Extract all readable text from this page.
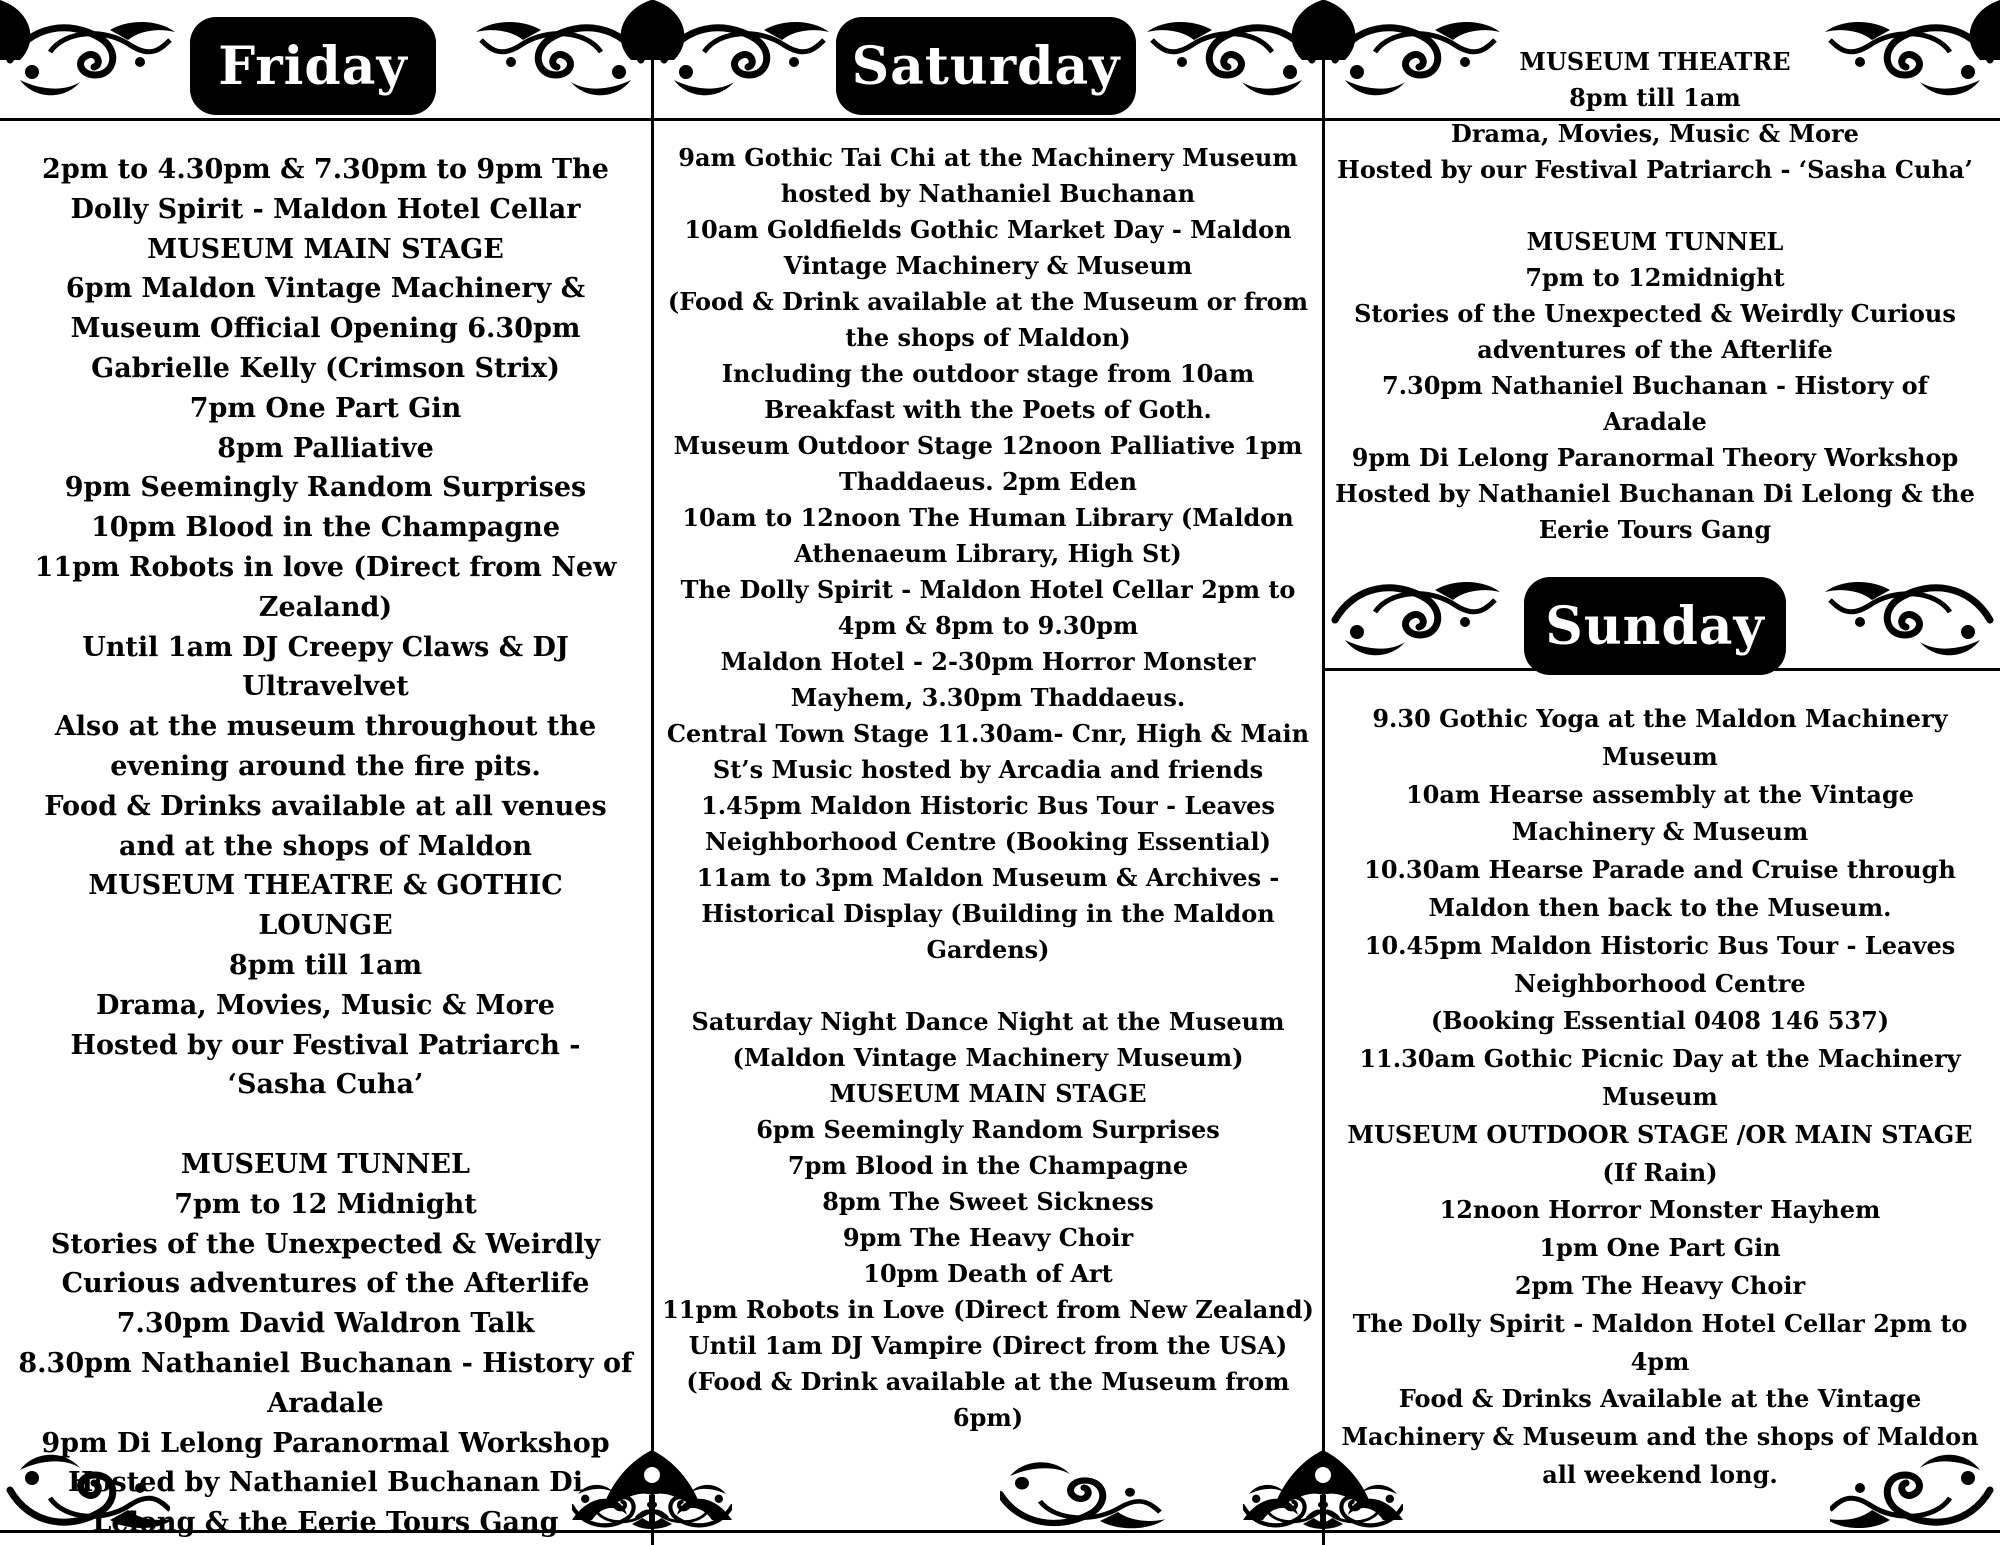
Friday	Saturday
Sunday
2pm to 4.30pm & 7.30pm to 9pm The Dolly Spirit - Maldon Hotel Cellar
MUSEUM MAIN STAGE
6pm Maldon Vintage Machinery & Museum Official Opening 6.30pm Gabrielle Kelly (Crimson Strix)
7pm One Part Gin
8pm Palliative
9pm Seemingly Random Surprises
10pm Blood in the Champagne
11pm Robots in love (Direct from New Zealand)
Until 1am DJ Creepy Claws & DJ Ultravelvet
Also at the museum throughout the evening around the fire pits.
Food & Drinks available at all venues and at the shops of Maldon
MUSEUM THEATRE & GOTHIC LOUNGE
8pm till 1am
Drama, Movies, Music & More
Hosted by our Festival Patriarch - ‘Sasha Cuha’
MUSEUM TUNNEL
7pm to 12 Midnight
Stories of the Unexpected & Weirdly Curious adventures of the Afterlife
7.30pm David Waldron Talk
8.30pm Nathaniel Buchanan - History of Aradale
9pm Di Lelong Paranormal Workshop
Hosted by Nathaniel Buchanan Di Lelong & the Eerie Tours Gang
9am Gothic Tai Chi at the Machinery Museum hosted by Nathaniel Buchanan
10am Goldfields Gothic Market Day - Maldon Vintage Machinery & Museum
(Food & Drink available at the Museum or from the shops of Maldon)
Including the outdoor stage from 10am Breakfast with the Poets of Goth.
Museum Outdoor Stage 12noon Palliative 1pm Thaddaeus. 2pm Eden
10am to 12noon The Human Library (Maldon Athenaeum Library, High St)
The Dolly Spirit - Maldon Hotel Cellar 2pm to 4pm & 8pm to 9.30pm
Maldon Hotel - 2-30pm Horror Monster Mayhem, 3.30pm Thaddaeus.
Central Town Stage 11.30am- Cnr, High & Main St’s Music hosted by Arcadia and friends
1.45pm Maldon Historic Bus Tour - Leaves Neighborhood Centre (Booking Essential)
11am to 3pm Maldon Museum & Archives - Historical Display (Building in the Maldon Gardens)
Saturday Night Dance Night at the Museum (Maldon Vintage Machinery Museum)
MUSEUM MAIN STAGE
6pm Seemingly Random Surprises
7pm Blood in the Champagne
8pm The Sweet Sickness
9pm The Heavy Choir
10pm Death of Art
11pm Robots in Love (Direct from New Zealand)
Until 1am DJ Vampire (Direct from the USA)
(Food & Drink available at the Museum from 6pm)
MUSEUM THEATRE
8pm till 1am
Drama, Movies, Music & More
Hosted by our Festival Patriarch - ‘Sasha Cuha’
MUSEUM TUNNEL
7pm to 12midnight
Stories of the Unexpected & Weirdly Curious adventures of the Afterlife
7.30pm Nathaniel Buchanan - History of Aradale
9pm Di Lelong Paranormal Theory Workshop
Hosted by Nathaniel Buchanan Di Lelong & the Eerie Tours Gang
9.30 Gothic Yoga at the Maldon Machinery Museum
10am Hearse assembly at the Vintage Machinery & Museum
10.30am Hearse Parade and Cruise through Maldon then back to the Museum.
10.45pm Maldon Historic Bus Tour - Leaves Neighborhood Centre
(Booking Essential 0408 146 537)
11.30am Gothic Picnic Day at the Machinery Museum
MUSEUM OUTDOOR STAGE /OR MAIN STAGE (If Rain)
12noon Horror Monster Hayhem
1pm One Part Gin
2pm The Heavy Choir
The Dolly Spirit - Maldon Hotel Cellar 2pm to 4pm
Food & Drinks Available at the Vintage Machinery & Museum and the shops of Maldon all weekend long.
